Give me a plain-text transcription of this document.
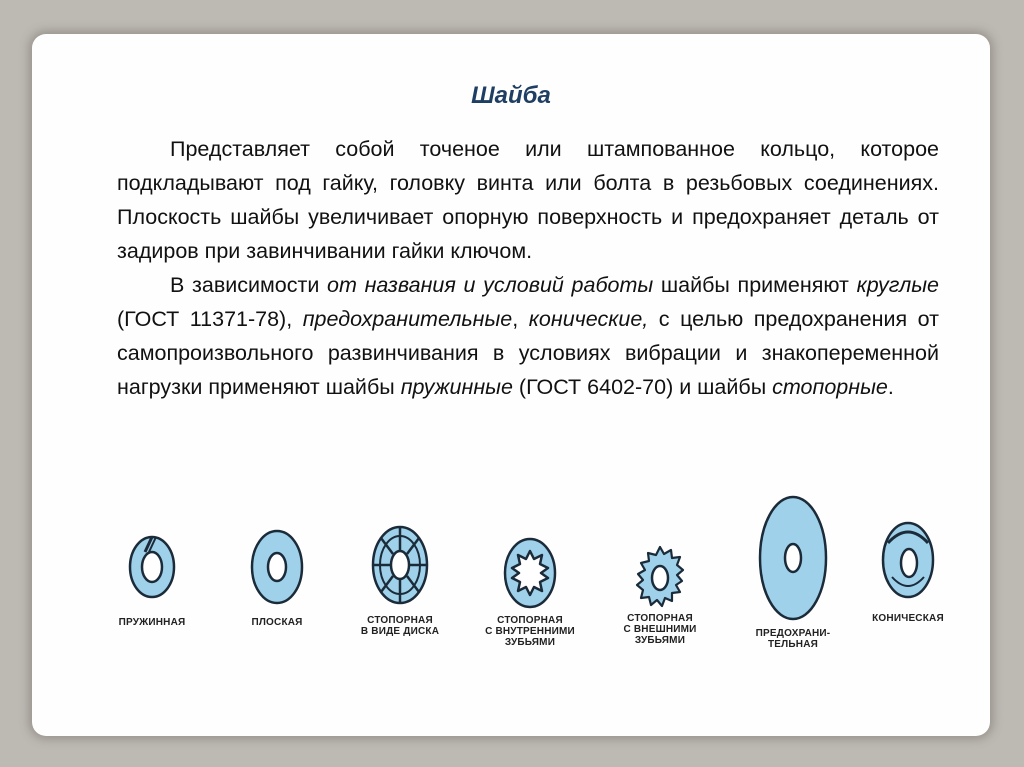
Шайба

Представляет собой точеное или штампованное кольцо, которое подкладывают под гайку, головку винта или болта в резьбовых соединениях. Плоскость шайбы увеличивает опорную поверхность и предохраняет деталь от задиров при завинчивании гайки ключом.

В зависимости от названия и условий работы шайбы применяют круглые (ГОСТ 11371-78), предохранительные, конические, с целью предохранения от самопроизвольного развинчивания в условиях вибрации и знакопеременной нагрузки применяют шайбы пружинные (ГОСТ 6402-70) и шайбы стопорные.

ПРУЖИННАЯ	ПЛОСКАЯ	СТОПОРНАЯ
В ВИДЕ ДИСКА
СТОПОРНАЯ
С ВНУТРЕННИМИ
ЗУБЬЯМИ
СТОПОРНАЯ
С ВНЕШНИМИ
ЗУБЬЯМИ
ПРЕДОХРАНИ-
ТЕЛЬНАЯ
КОНИЧЕСКАЯ
